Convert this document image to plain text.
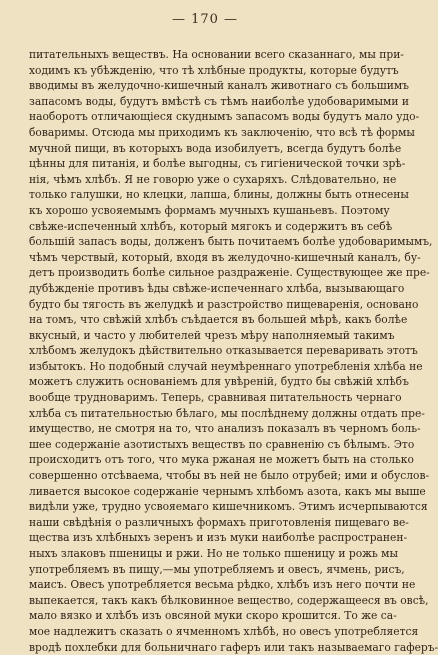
— 170 —
питательныхъ веществъ. На основании всего сказаннаго, мы при-
ходимъ къ убѣжденію, что тѣ хлѣбные продукты, которые будутъ
вводимы въ желудочно-кишечный каналъ животнаго съ большимъ
запасомъ воды, будутъ вмѣстѣ съ тѣмъ наиболѣе удобоваримыми и
наоборотъ отличающіеся скуднымъ запасомъ воды будутъ мало удо-
боваримы. Отсюда мы приходимъ къ заключенію, что всѣ тѣ формы
мучной пищи, въ которыхъ вода изобилуетъ, всегда будутъ болѣе
цѣнны для питанія, и болѣе выгодны, съ гигіенической точки зрѣ-
нія, чѣмъ хлѣбъ. Я не говорю уже о сухаряхъ. Слѣдовательно, не
только галушки, но клецки, лапша, блины, должны быть отнесены
къ хорошо усвояемымъ формамъ мучныхъ кушаньевъ. Поэтому
свѣже-испеченный хлѣбъ, который мягокъ и содержитъ въ себѣ
большій запасъ воды, долженъ быть почитаемъ болѣе удобоваримымъ,
чѣмъ черствый, который, входя въ желудочно-кишечный каналъ, бу-
детъ производить болѣе сильное раздраженіе. Существующее же пре-
дубѣжденіе противъ ѣды свѣже-испеченнаго хлѣба, вызывающаго
будто бы тягость въ желудкѣ и разстройство пищеваренія, основано
на томъ, что свѣжій хлѣбъ съѣдается въ большей мѣрѣ, какъ болѣе
вкусный, и часто у любителей чрезъ мѣру наполняемый такимъ
хлѣбомъ желудокъ дѣйствительно отказывается переваривать этотъ
избытокъ. Но подобный случай неумѣреннаго употребленія хлѣба не
можетъ служить основаніемъ для увѣреній, будто бы свѣжій хлѣбъ
вообще трудноваримъ. Теперь, сравнивая питательность чернаго
хлѣба съ питательностью бѣлаго, мы послѣднему должны отдать пре-
имущество, не смотря на то, что анализъ показалъ въ черномъ боль-
шее содержаніе азотистыхъ веществъ по сравненію съ бѣлымъ. Это
происходитъ отъ того, что мука ржаная не можетъ быть на столько
совершенно отсѣваема, чтобы въ ней не было отрубей; ими и обуслов-
ливается высокое содержаніе чернымъ хлѣбомъ азота, какъ мы выше
видѣли уже, трудно усвояемаго кишечникомъ. Этимъ исчерпываются
наши свѣдѣнія о различныхъ формахъ приготовленія пищеваго ве-
щества изъ хлѣбныхъ зеренъ и изъ муки наиболѣе распространен-
ныхъ злаковъ пшеницы и ржи. Но не только пшеницу и рожь мы
употребляемъ въ пищу,—мы употребляемъ и овесъ, ячмень, рисъ,
маисъ. Овесъ употребляется весьма рѣдко, хлѣбъ изъ него почти не
выпекается, такъ какъ бѣлковинное вещество, содержащееся въ овсѣ,
мало вязко и хлѣбъ изъ овсяной муки скоро крошится. То же са-
мое надлежитъ сказать о ячменномъ хлѣбѣ, но овесъ употребляется
вродѣ похлебки для больничнаго гаферъ или такъ называемаго гаферъ-
